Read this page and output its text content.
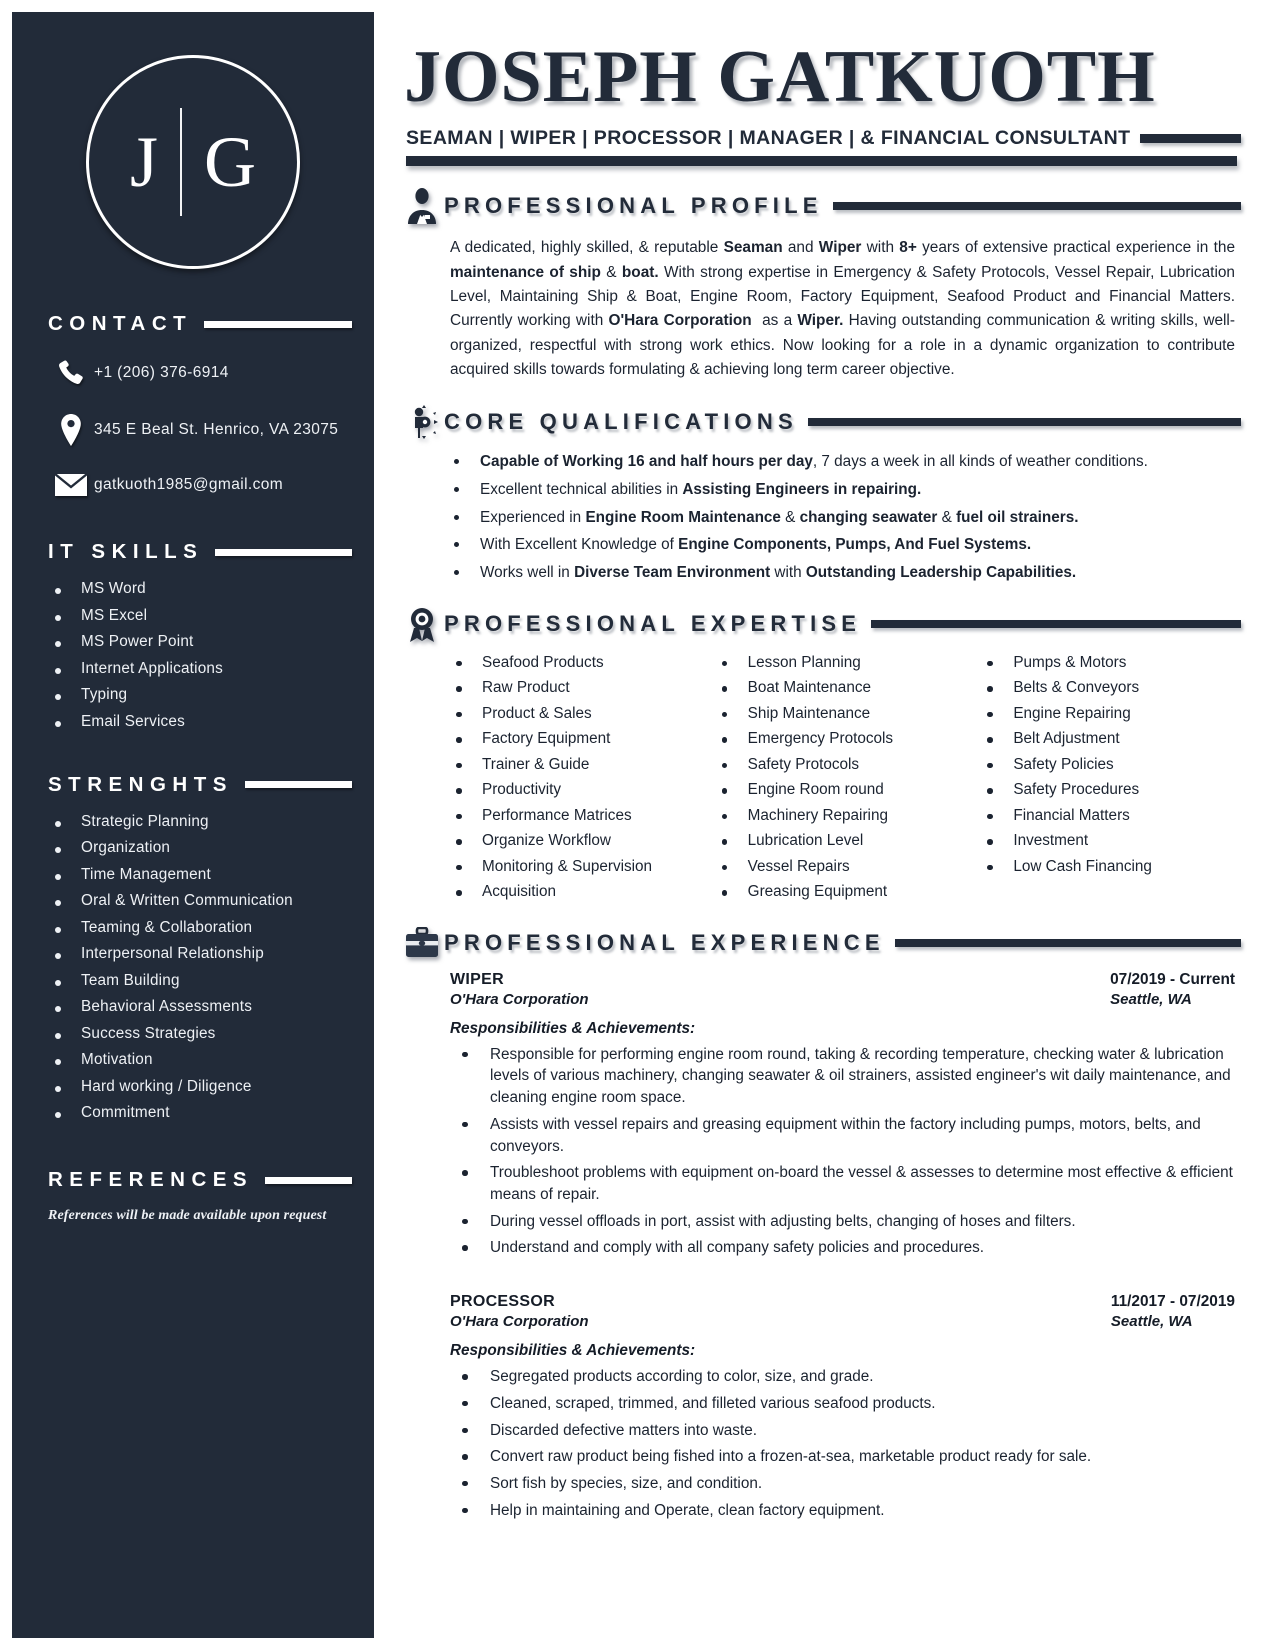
J G
CONTACT
+1 (206) 376-6914
345 E Beal St. Henrico, VA 23075
gatkuoth1985@gmail.com
IT SKILLS
MS Word
MS Excel
MS Power Point
Internet Applications
Typing
Email Services
STRENGHTS
Strategic Planning
Organization
Time Management
Oral & Written Communication
Teaming & Collaboration
Interpersonal Relationship
Team Building
Behavioral Assessments
Success Strategies
Motivation
Hard working / Diligence
Commitment
REFERENCES
References will be made available upon request
JOSEPH GATKUOTH
SEAMAN | WIPER | PROCESSOR | MANAGER | & FINANCIAL CONSULTANT
PROFESSIONAL PROFILE

A dedicated, highly skilled, & reputable Seaman and Wiper with 8+ years of extensive practical experience in the maintenance of ship & boat. With strong expertise in Emergency & Safety Protocols, Vessel Repair, Lubrication Level, Maintaining Ship & Boat, Engine Room, Factory Equipment, Seafood Product and Financial Matters. Currently working with O'Hara Corporation  as a Wiper. Having outstanding communication & writing skills, well-organized, respectful with strong work ethics. Now looking for a role in a dynamic organization to contribute acquired skills towards formulating & achieving long term career objective.

CORE QUALIFICATIONS
Capable of Working 16 and half hours per day, 7 days a week in all kinds of weather conditions.
Excellent technical abilities in Assisting Engineers in repairing.
Experienced in Engine Room Maintenance & changing seawater & fuel oil strainers.
With Excellent Knowledge of Engine Components, Pumps, And Fuel Systems.
Works well in Diverse Team Environment with Outstanding Leadership Capabilities.
PROFESSIONAL EXPERTISE
Seafood Products
Raw Product
Product & Sales
Factory Equipment
Trainer & Guide
Productivity
Performance Matrices
Organize Workflow
Monitoring & Supervision
Acquisition
Lesson Planning
Boat Maintenance
Ship Maintenance
Emergency Protocols
Safety Protocols
Engine Room round
Machinery Repairing
Lubrication Level
Vessel Repairs
Greasing Equipment
Pumps & Motors
Belts & Conveyors
Engine Repairing
Belt Adjustment
Safety Policies
Safety Procedures
Financial Matters
Investment
Low Cash Financing
PROFESSIONAL EXPERIENCE
WIPER
O'Hara Corporation
07/2019 - Current
Seattle, WA
Responsibilities & Achievements:
Responsible for performing engine room round, taking & recording temperature, checking water & lubrication levels of various machinery, changing seawater & oil strainers, assisted engineer's wit daily maintenance, and cleaning engine room space.
Assists with vessel repairs and greasing equipment within the factory including pumps, motors, belts, and conveyors.
Troubleshoot problems with equipment on-board the vessel & assesses to determine most effective & efficient means of repair.
During vessel offloads in port, assist with adjusting belts, changing of hoses and filters.
Understand and comply with all company safety policies and procedures.
PROCESSOR
O'Hara Corporation
11/2017 - 07/2019
Seattle, WA
Responsibilities & Achievements:
Segregated products according to color, size, and grade.
Cleaned, scraped, trimmed, and filleted various seafood products.
Discarded defective matters into waste.
Convert raw product being fished into a frozen-at-sea, marketable product ready for sale.
Sort fish by species, size, and condition.
Help in maintaining and Operate, clean factory equipment.
